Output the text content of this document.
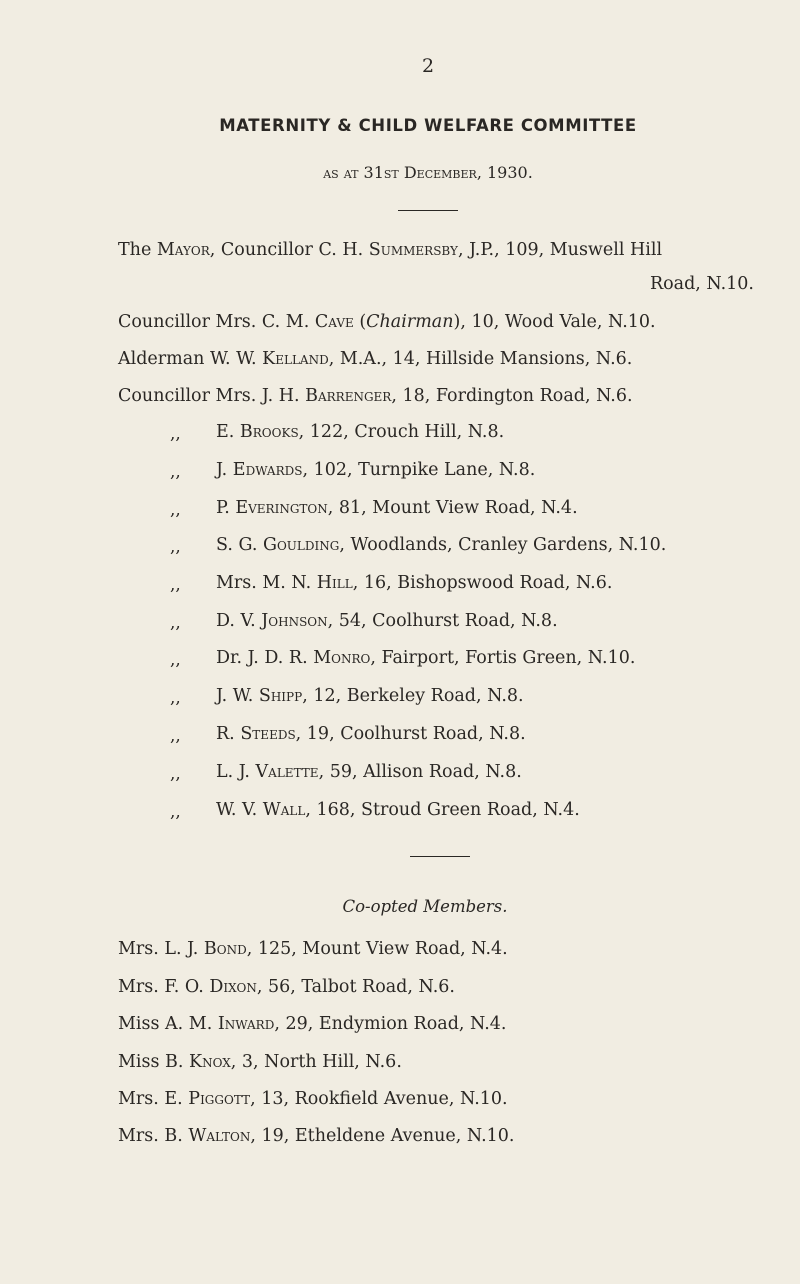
2
MATERNITY & CHILD WELFARE COMMITTEE
as at 31st December, 1930.
The Mayor, Councillor C. H. Summersby, J.P., 109, Muswell Hill
Road, N.10.
Councillor Mrs. C. M. Cave (Chairman), 10, Wood Vale, N.10.
Alderman W. W. Kelland, M.A., 14, Hillside Mansions, N.6.
Councillor Mrs. J. H. Barrenger, 18, Fordington Road, N.6.
,, E. Brooks, 122, Crouch Hill, N.8.
,, J. Edwards, 102, Turnpike Lane, N.8.
,, P. Everington, 81, Mount View Road, N.4.
,, S. G. Goulding, Woodlands, Cranley Gardens, N.10.
,, Mrs. M. N. Hill, 16, Bishopswood Road, N.6.
,, D. V. Johnson, 54, Coolhurst Road, N.8.
,, Dr. J. D. R. Monro, Fairport, Fortis Green, N.10.
,, J. W. Shipp, 12, Berkeley Road, N.8.
,, R. Steeds, 19, Coolhurst Road, N.8.
,, L. J. Valette, 59, Allison Road, N.8.
,, W. V. Wall, 168, Stroud Green Road, N.4.
Co-opted Members.
Mrs. L. J. Bond, 125, Mount View Road, N.4.
Mrs. F. O. Dixon, 56, Talbot Road, N.6.
Miss A. M. Inward, 29, Endymion Road, N.4.
Miss B. Knox, 3, North Hill, N.6.
Mrs. E. Piggott, 13, Rookfield Avenue, N.10.
Mrs. B. Walton, 19, Etheldene Avenue, N.10.
